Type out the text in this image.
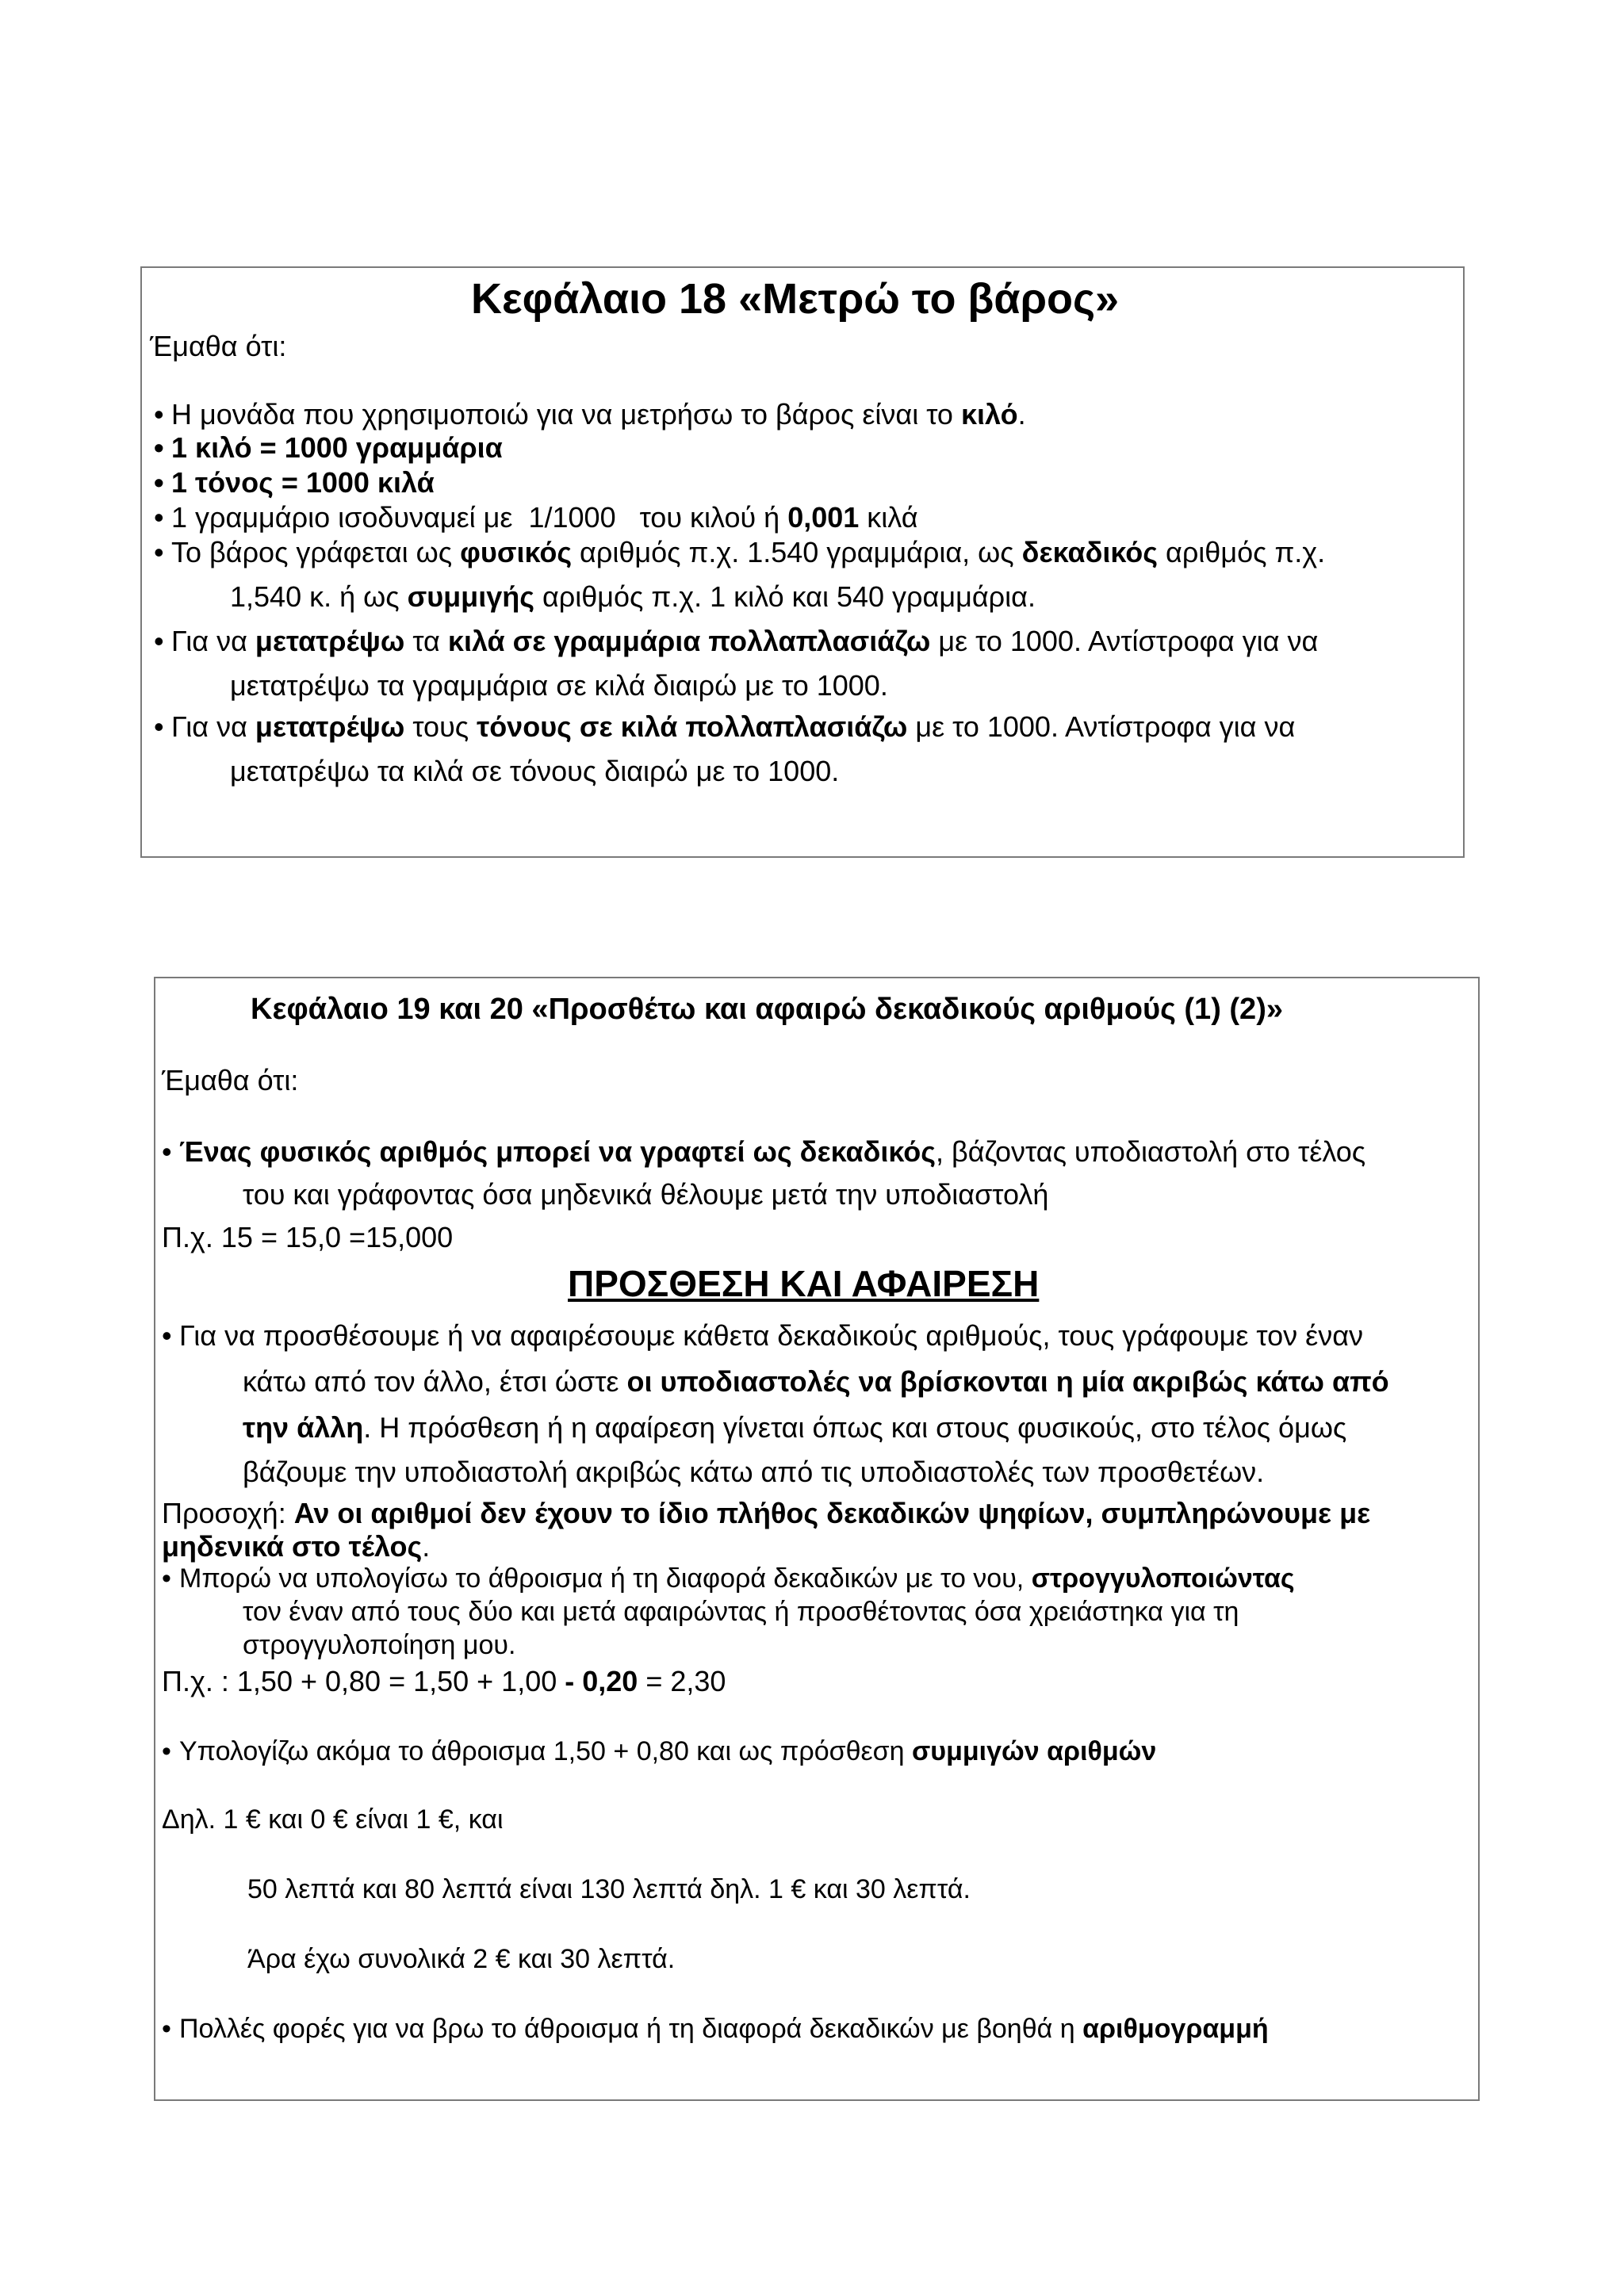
Κεφάλαιο 18 «Μετρώ το βάρος»
Έμαθα ότι:
• Η μονάδα που χρησιμοποιώ για να μετρήσω το βάρος είναι το κιλό.
• 1 κιλό = 1000 γραμμάρια
• 1 τόνος = 1000 κιλά
• 1 γραμμάριο ισοδυναμεί με  1/1000   του κιλού ή 0,001 κιλά
• Το βάρος γράφεται ως φυσικός αριθμός π.χ. 1.540 γραμμάρια, ως δεκαδικός αριθμός π.χ.
1,540 κ. ή ως συμμιγής αριθμός π.χ. 1 κιλό και 540 γραμμάρια.
• Για να μετατρέψω τα κιλά σε γραμμάρια πολλαπλασιάζω με το 1000. Αντίστροφα για να
μετατρέψω τα γραμμάρια σε κιλά διαιρώ με το 1000.
• Για να μετατρέψω τους τόνους σε κιλά πολλαπλασιάζω με το 1000. Αντίστροφα για να
μετατρέψω τα κιλά σε τόνους διαιρώ με το 1000.
Κεφάλαιο 19 και 20 «Προσθέτω και αφαιρώ δεκαδικούς αριθμούς (1) (2)»
Έμαθα ότι:
• Ένας φυσικός αριθμός μπορεί να γραφτεί ως δεκαδικός, βάζοντας υποδιαστολή στο τέλος
του και γράφοντας όσα μηδενικά θέλουμε μετά την υποδιαστολή
Π.χ. 15 = 15,0 =15,000
ΠΡΟΣΘΕΣΗ ΚΑΙ ΑΦΑΙΡΕΣΗ
• Για να προσθέσουμε ή να αφαιρέσουμε κάθετα δεκαδικούς αριθμούς, τους γράφουμε τον έναν
κάτω από τον άλλο, έτσι ώστε οι υποδιαστολές να βρίσκονται η μία ακριβώς κάτω από
την άλλη. Η πρόσθεση ή η αφαίρεση γίνεται όπως και στους φυσικούς, στο τέλος όμως
βάζουμε την υποδιαστολή ακριβώς κάτω από τις υποδιαστολές των προσθετέων.
Προσοχή: Αν οι αριθμοί δεν έχουν το ίδιο πλήθος δεκαδικών ψηφίων, συμπληρώνουμε με
μηδενικά στο τέλος.
• Μπορώ να υπολογίσω το άθροισμα ή τη διαφορά δεκαδικών με το νου, στρογγυλοποιώντας
τον έναν από τους δύο και μετά αφαιρώντας ή προσθέτοντας όσα χρειάστηκα για τη
στρογγυλοποίηση μου.
Π.χ. : 1,50 + 0,80 = 1,50 + 1,00 - 0,20 = 2,30
• Υπολογίζω ακόμα το άθροισμα 1,50 + 0,80 και ως πρόσθεση συμμιγών αριθμών
Δηλ. 1 € και 0 € είναι 1 €, και
50 λεπτά και 80 λεπτά είναι 130 λεπτά δηλ. 1 € και 30 λεπτά.
Άρα έχω συνολικά 2 € και 30 λεπτά.
• Πολλές φορές για να βρω το άθροισμα ή τη διαφορά δεκαδικών με βοηθά η αριθμογραμμή
